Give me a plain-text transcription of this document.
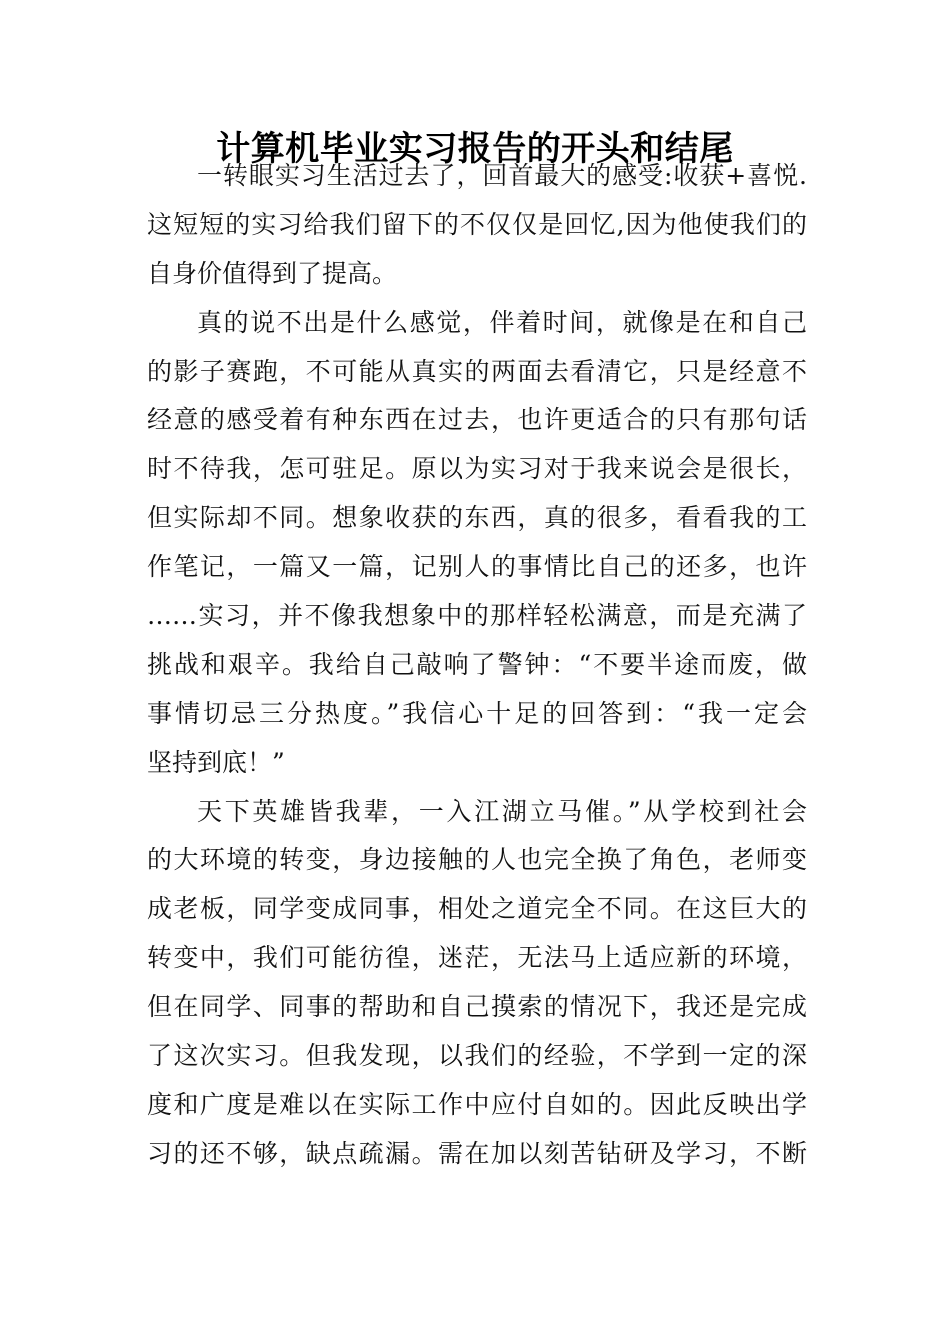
计算机毕业实习报告的开头和结尾
一转眼实习生活过去了，回首最大的感受:收获+喜悦.
这短短的实习给我们留下的不仅仅是回忆,因为他使我们的
自身价值得到了提高。
真的说不出是什么感觉，伴着时间，就像是在和自己
的影子赛跑，不可能从真实的两面去看清它，只是经意不
经意的感受着有种东西在过去，也许更适合的只有那句话
时不待我，怎可驻足。原以为实习对于我来说会是很长，
但实际却不同。想象收获的东西，真的很多，看看我的工
作笔记，一篇又一篇，记别人的事情比自己的还多，也许
……实习，并不像我想象中的那样轻松满意，而是充满了
挑战和艰辛。我给自己敲响了警钟：“不要半途而废，做
事情切忌三分热度。”我信心十足的回答到：“我一定会
坚持到底！”
天下英雄皆我辈，一入江湖立马催。”从学校到社会
的大环境的转变，身边接触的人也完全换了角色，老师变
成老板，同学变成同事，相处之道完全不同。在这巨大的
转变中，我们可能彷徨，迷茫，无法马上适应新的环境，
但在同学、同事的帮助和自己摸索的情况下，我还是完成
了这次实习。但我发现，以我们的经验，不学到一定的深
度和广度是难以在实际工作中应付自如的。因此反映出学
习的还不够，缺点疏漏。需在加以刻苦钻研及学习，不断
